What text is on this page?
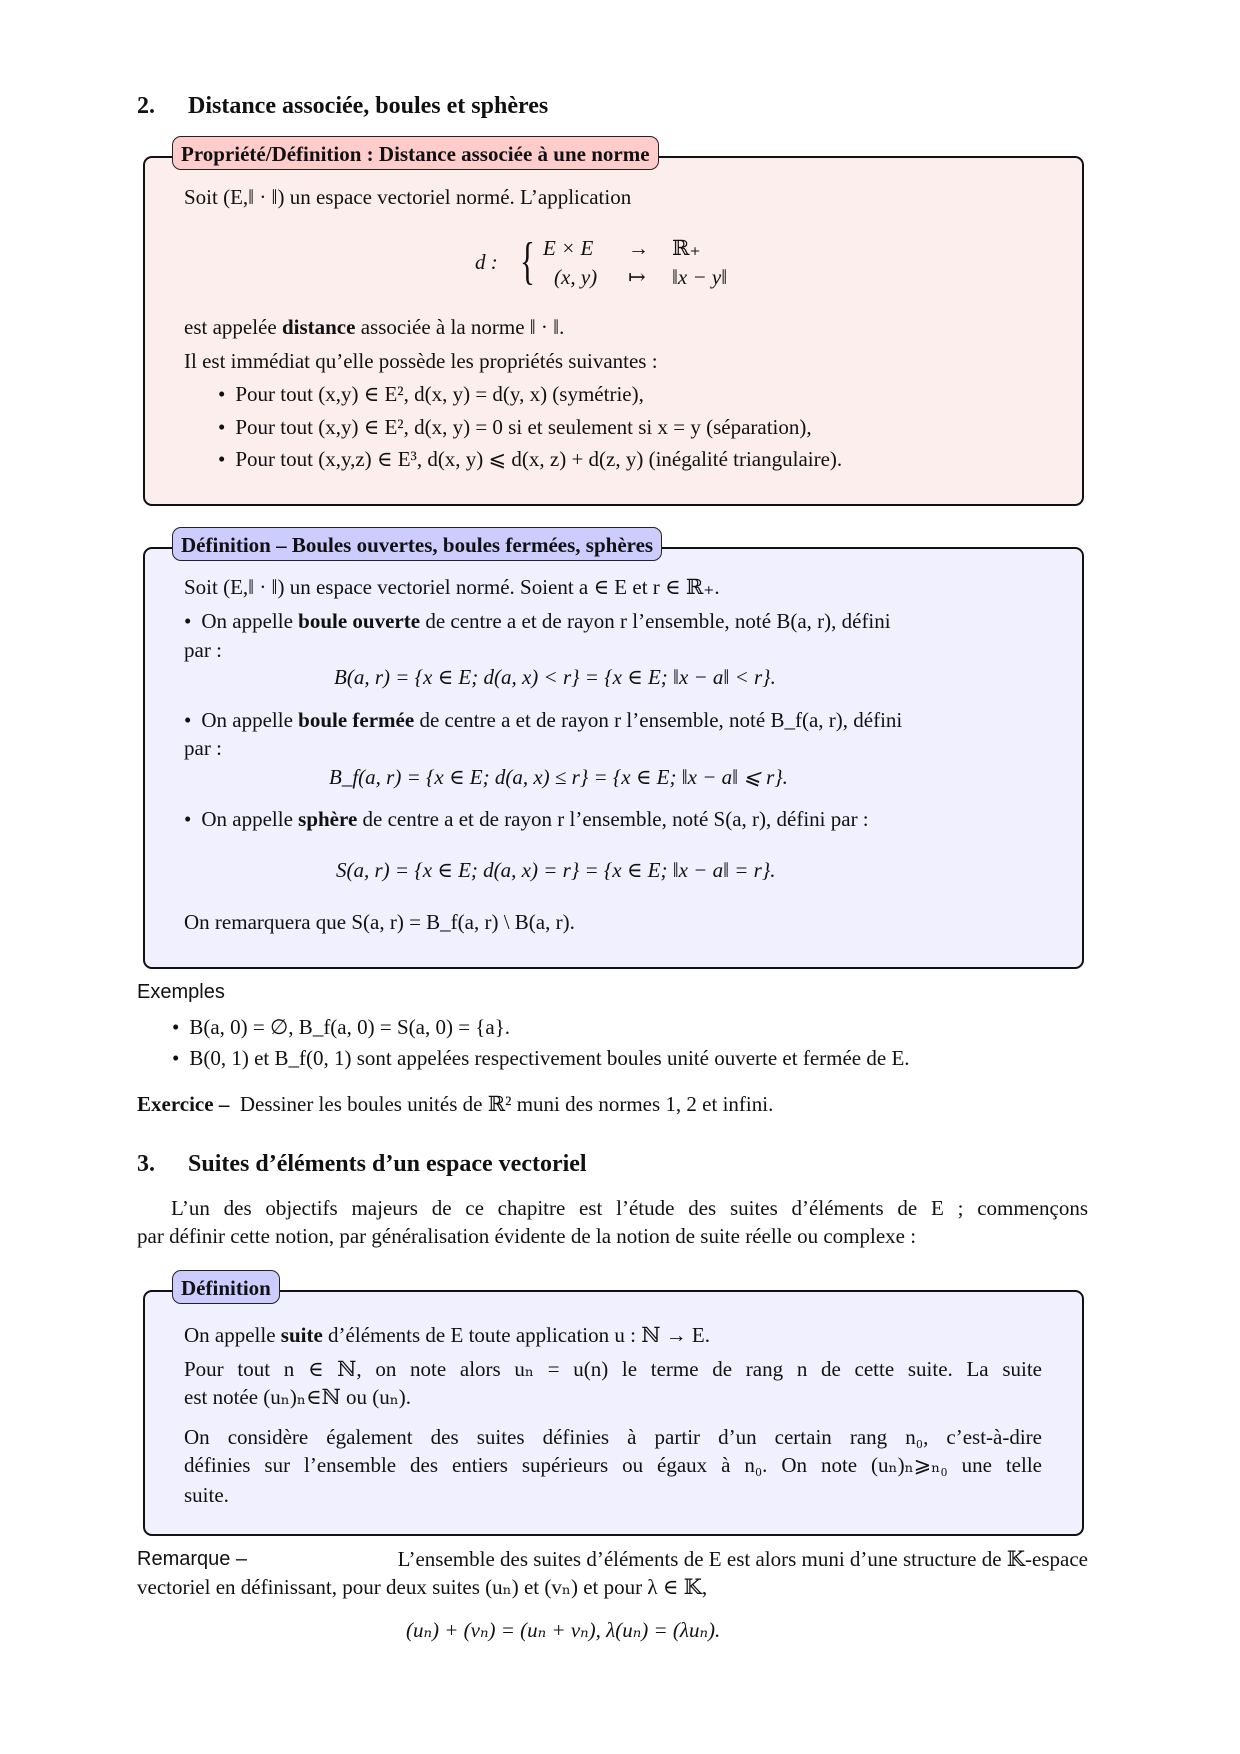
2. Distance associée, boules et sphères
Propriété/Définition : Distance associée à une norme
Soit (E,‖ · ‖) un espace vectoriel normé. L’application
d : { E × E → ℝ₊
(x, y) ↦ ‖x − y‖
est appelée distance associée à la norme ‖ · ‖.
Il est immédiat qu’elle possède les propriétés suivantes :
• Pour tout (x,y) ∈ E², d(x, y) = d(y, x) (symétrie),
• Pour tout (x,y) ∈ E², d(x, y) = 0 si et seulement si x = y (séparation),
• Pour tout (x,y,z) ∈ E³, d(x, y) ⩽ d(x, z) + d(z, y) (inégalité triangulaire).
Définition – Boules ouvertes, boules fermées, sphères
Soit (E,‖ · ‖) un espace vectoriel normé. Soient a ∈ E et r ∈ ℝ₊.
• On appelle boule ouverte de centre a et de rayon r l’ensemble, noté B(a, r), défini
par :
B(a, r) = {x ∈ E; d(a, x) < r} = {x ∈ E; ‖x − a‖ < r}.
• On appelle boule fermée de centre a et de rayon r l’ensemble, noté B_f(a, r), défini
par :
B_f(a, r) = {x ∈ E; d(a, x) ≤ r} = {x ∈ E; ‖x − a‖ ⩽ r}.
• On appelle sphère de centre a et de rayon r l’ensemble, noté S(a, r), défini par :
S(a, r) = {x ∈ E; d(a, x) = r} = {x ∈ E; ‖x − a‖ = r}.
On remarquera que S(a, r) = B_f(a, r) \ B(a, r).
Exemples
• B(a, 0) = ∅, B_f(a, 0) = S(a, 0) = {a}.
• B(0, 1) et B_f(0, 1) sont appelées respectivement boules unité ouverte et fermée de E.
Exercice – Dessiner les boules unités de ℝ² muni des normes 1, 2 et infini.
3. Suites d’éléments d’un espace vectoriel
L’un des objectifs majeurs de ce chapitre est l’étude des suites d’éléments de E ; commençons
par définir cette notion, par généralisation évidente de la notion de suite réelle ou complexe :
Définition
On appelle suite d’éléments de E toute application u : ℕ → E.
Pour tout n ∈ ℕ, on note alors uₙ = u(n) le terme de rang n de cette suite. La suite
est notée (uₙ)ₙ∈ℕ ou (uₙ).
On considère également des suites définies à partir d’un certain rang n₀, c’est-à-dire
définies sur l’ensemble des entiers supérieurs ou égaux à n₀. On note (uₙ)ₙ⩾ₙ₀ une telle
suite.
Remarque –	L’ensemble des suites d’éléments de E est alors muni d’une structure de 𝕂-espace
vectoriel en définissant, pour deux suites (uₙ) et (vₙ) et pour λ ∈ 𝕂,
(uₙ) + (vₙ) = (uₙ + vₙ), λ(uₙ) = (λuₙ).
